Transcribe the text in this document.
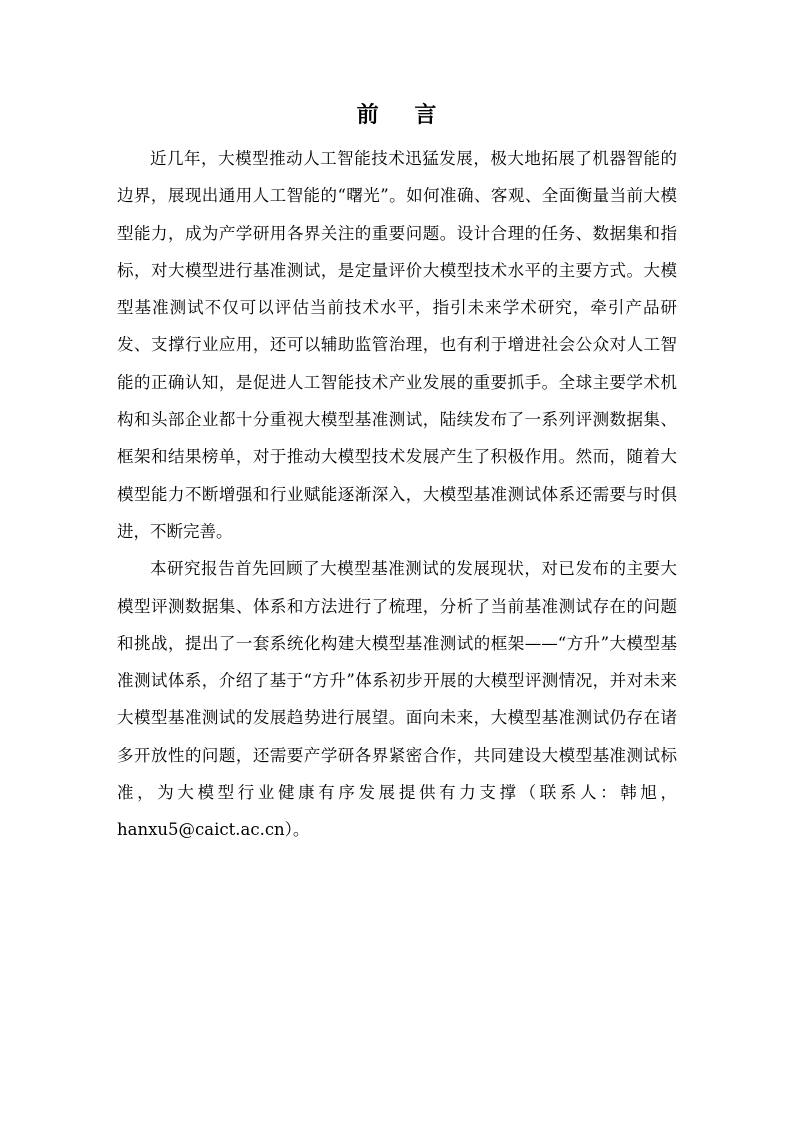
前 言

近几年，大模型推动人工智能技术迅猛发展，极大地拓展了机器智能的边界，展现出通用人工智能的“曙光”。如何准确、客观、全面衡量当前大模型能力，成为产学研用各界关注的重要问题。设计合理的任务、数据集和指标，对大模型进行基准测试，是定量评价大模型技术水平的主要方式。大模型基准测试不仅可以评估当前技术水平，指引未来学术研究，牵引产品研发、支撑行业应用，还可以辅助监管治理，也有利于增进社会公众对人工智能的正确认知，是促进人工智能技术产业发展的重要抓手。全球主要学术机构和头部企业都十分重视大模型基准测试，陆续发布了一系列评测数据集、框架和结果榜单，对于推动大模型技术发展产生了积极作用。然而，随着大模型能力不断增强和行业赋能逐渐深入，大模型基准测试体系还需要与时俱进，不断完善。

本研究报告首先回顾了大模型基准测试的发展现状，对已发布的主要大模型评测数据集、体系和方法进行了梳理，分析了当前基准测试存在的问题和挑战，提出了一套系统化构建大模型基准测试的框架——“方升”大模型基准测试体系，介绍了基于“方升”体系初步开展的大模型评测情况，并对未来大模型基准测试的发展趋势进行展望。面向未来，大模型基准测试仍存在诸多开放性的问题，还需要产学研各界紧密合作，共同建设大模型基准测试标准，为大模型行业健康有序发展提供有力支撑（联系人：韩旭，hanxu5@caict.ac.cn）。
